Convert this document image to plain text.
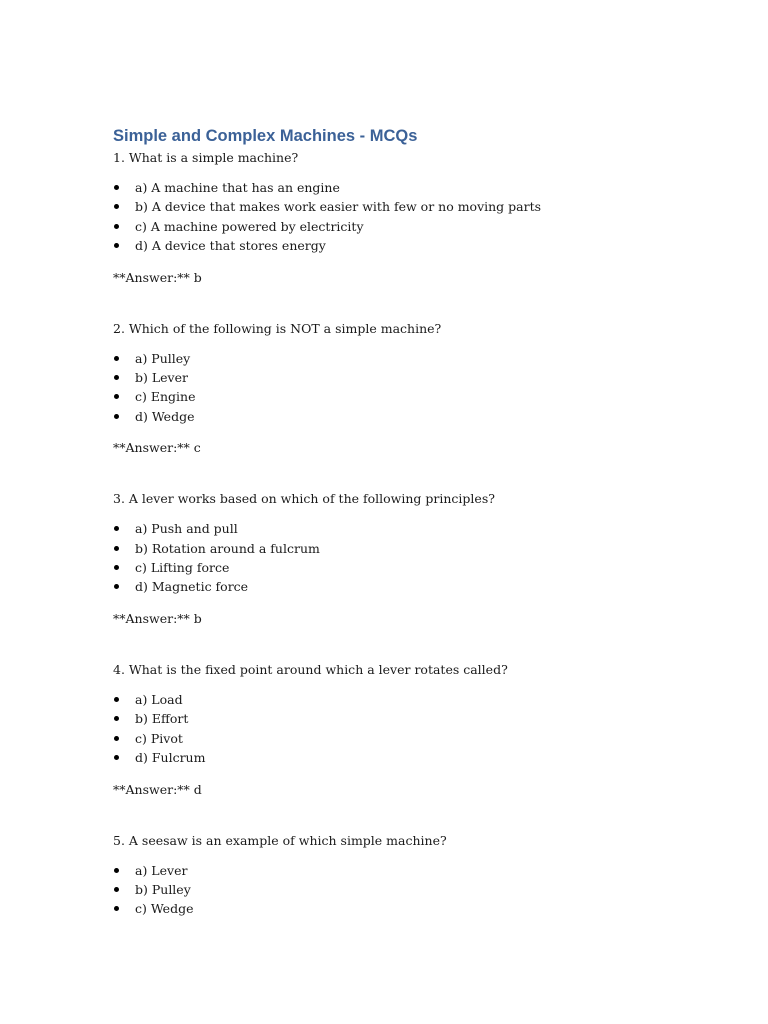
Simple and Complex Machines - MCQs

1. What is a simple machine?

a) A machine that has an engine
b) A device that makes work easier with few or no moving parts
c) A machine powered by electricity
d) A device that stores energy

**Answer:** b

2. Which of the following is NOT a simple machine?

a) Pulley
b) Lever
c) Engine
d) Wedge

**Answer:** c

3. A lever works based on which of the following principles?

a) Push and pull
b) Rotation around a fulcrum
c) Lifting force
d) Magnetic force

**Answer:** b

4. What is the fixed point around which a lever rotates called?

a) Load
b) Effort
c) Pivot
d) Fulcrum

**Answer:** d

5. A seesaw is an example of which simple machine?

a) Lever
b) Pulley
c) Wedge
